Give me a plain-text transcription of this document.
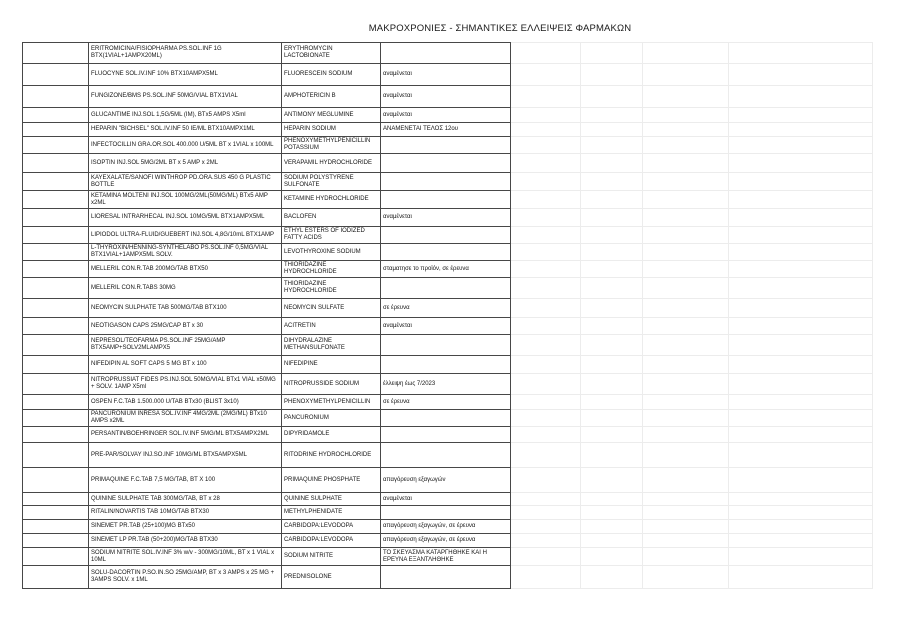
ΜΑΚΡΟΧΡΟΝΙΕΣ - ΣΗΜΑΝΤΙΚΕΣ ΕΛΛΕΙΨΕΙΣ ΦΑΡΜΑΚΩΝ
	ERITROMICINA/FISIOPHARMA PS.SOL.INF 1G BTX(1VIAL+1AMPX20ML)	ERYTHROMYCIN LACTOBIONATE					
	FLUOCYNE SOL.IV.INF 10% BTX10AMPX5ML	FLUORESCEIN SODIUM	αναμένεται				
	FUNGIZONE/BMS PS.SOL.INF 50MG/VIAL BTX1VIAL	AMPHOTERICIN B	αναμένεται				
	GLUCANTIME INJ.SOL 1,5G/5ML (IM), BTx5 AMPS X5ml	ANTIMONY MEGLUMINE	αναμένεται				
	HEPARIN "BICHSEL" SOL.IV.INF 50 IE/ML BTX10AMPX1ML	HEPARIN SODIUM	ΑΝΑΜΕΝΕΤΑΙ ΤΕΛΟΣ 12ου				
	INFECTOCILLIN GRA.OR.SOL 400.000 U/5ML BT x 1VIAL x 100ML	PHENOXYMETHYLPENICILLIN POTASSIUM					
	ISOPTIN INJ.SOL 5MG/2ML BT x 5 AMP x 2ML	VERAPAMIL HYDROCHLORIDE					
	KAYEXALATE/SANOFI WINTHROP PD.ORA.SUS 450 G PLASTIC BOTTLE	SODIUM POLYSTYRENE SULFONATE					
	KETAMINA MOLTENI INJ.SOL 100MG/2ML(50MG/ML) BTx5 AMP x2ML	KETAMINE HYDROCHLORIDE					
	LIORESAL INTRARHECAL INJ.SOL 10MG/5ML BTX1AMPX5ML	BACLOFEN	αναμένεται				
	LIPIODOL ULTRA-FLUID/GUEBERT INJ.SOL 4,8G/10mL BTX1AMP	ETHYL ESTERS OF IODIZED FATTY ACIDS					
	L-THYROXIN/HENNING-SYNTHELABO PS.SOL.INF 0,5MG/VIAL BTX1VIAL+1AMPX5ML SOLV.	LEVOTHYROXINE SODIUM					
	MELLERIL CON.R.TAB 200MG/TAB BTX50	THIORIDAZINE HYDROCHLORIDE	σταματησε το προϊόν, σε έρευνα				
	MELLERIL CON.R.TABS 30MG	THIORIDAZINE HYDROCHLORIDE					
	NEOMYCIN SULPHATE TAB 500MG/TAB BTX100	NEOMYCIN SULFATE	σε έρευνα				
	NEOTIGASON CAPS 25MG/CAP BT x 30	ACITRETIN	αναμένεται				
	NEPRESOL/TEOFARMA PS.SOL.INF 25MG/AMP BTX5AMP+SOLV2MLAMPX5	DIHYDRALAZINE METHANSULFONATE					
	NIFEDIPIN AL SOFT CAPS 5 MG BT x 100	NIFEDIPINE					
	NITROPRUSSIAT FIDES PS.INJ.SOL 50MG/VIAL BTx1 VIAL x50MG + SOLV. 1AMP X5ml	NITROPRUSSIDE SODIUM	έλλειψη έως 7/2023				
	OSPEN F.C.TAB 1.500.000 U/TAB BTx30 (BLIST 3x10)	PHENOXYMETHYLPENICILLIN	σε έρευνα				
	PANCURONIUM INRESA SOL.IV.INF 4MG/2ML (2MG/ML) BTx10 AMPS x2ML	PANCURONIUM					
	PERSANTIN/BOEHRINGER SOL.IV.INF 5MG/ML BTX5AMPX2ML	DIPYRIDAMOLE					
	PRE-PAR/SOLVAY INJ.SO.INF 10MG/ML BTX5AMPX5ML	RITODRINE HYDROCHLORIDE					
	PRIMAQUINE F.C.TAB 7,5 MG/TAB, BT X 100	PRIMAQUINE PHOSPHATE	απαγόρευση εξαγωγών				
	QUININE SULPHATE TAB 300MG/TAB, BT x 28	QUININE SULPHATE	αναμένεται				
	RITALIN/NOVARTIS TAB 10MG/TAB BTX30	METHYLPHENIDATE					
	SINEMET PR.TAB (25+100)MG BTx50	CARBIDOPA:LEVODOPA	απαγόρευση εξαγωγών, σε έρευνα				
	SINEMET LP PR.TAB (50+200)MG/TAB BTX30	CARBIDOPA:LEVODOPA	απαγόρευση εξαγωγών, σε έρευνα				
	SODIUM NITRITE SOL.IV.INF 3% w/v - 300MG/10ML, BT x 1 VIAL x 10ML	SODIUM NITRITE	ΤΟ ΣΚΕΥΑΣΜΑ ΚΑΤΑΡΓΗΘΗΚΕ ΚΑΙ Η ΕΡΕΥΝΑ ΕΞΑΝΤΛΗΘΗΚΕ				
	SOLU-DACORTIN P.SO.IN.SO 25MG/AMP, BT x 3 AMPS x 25 MG + 3AMPS SOLV. x 1ML	PREDNISOLONE					
